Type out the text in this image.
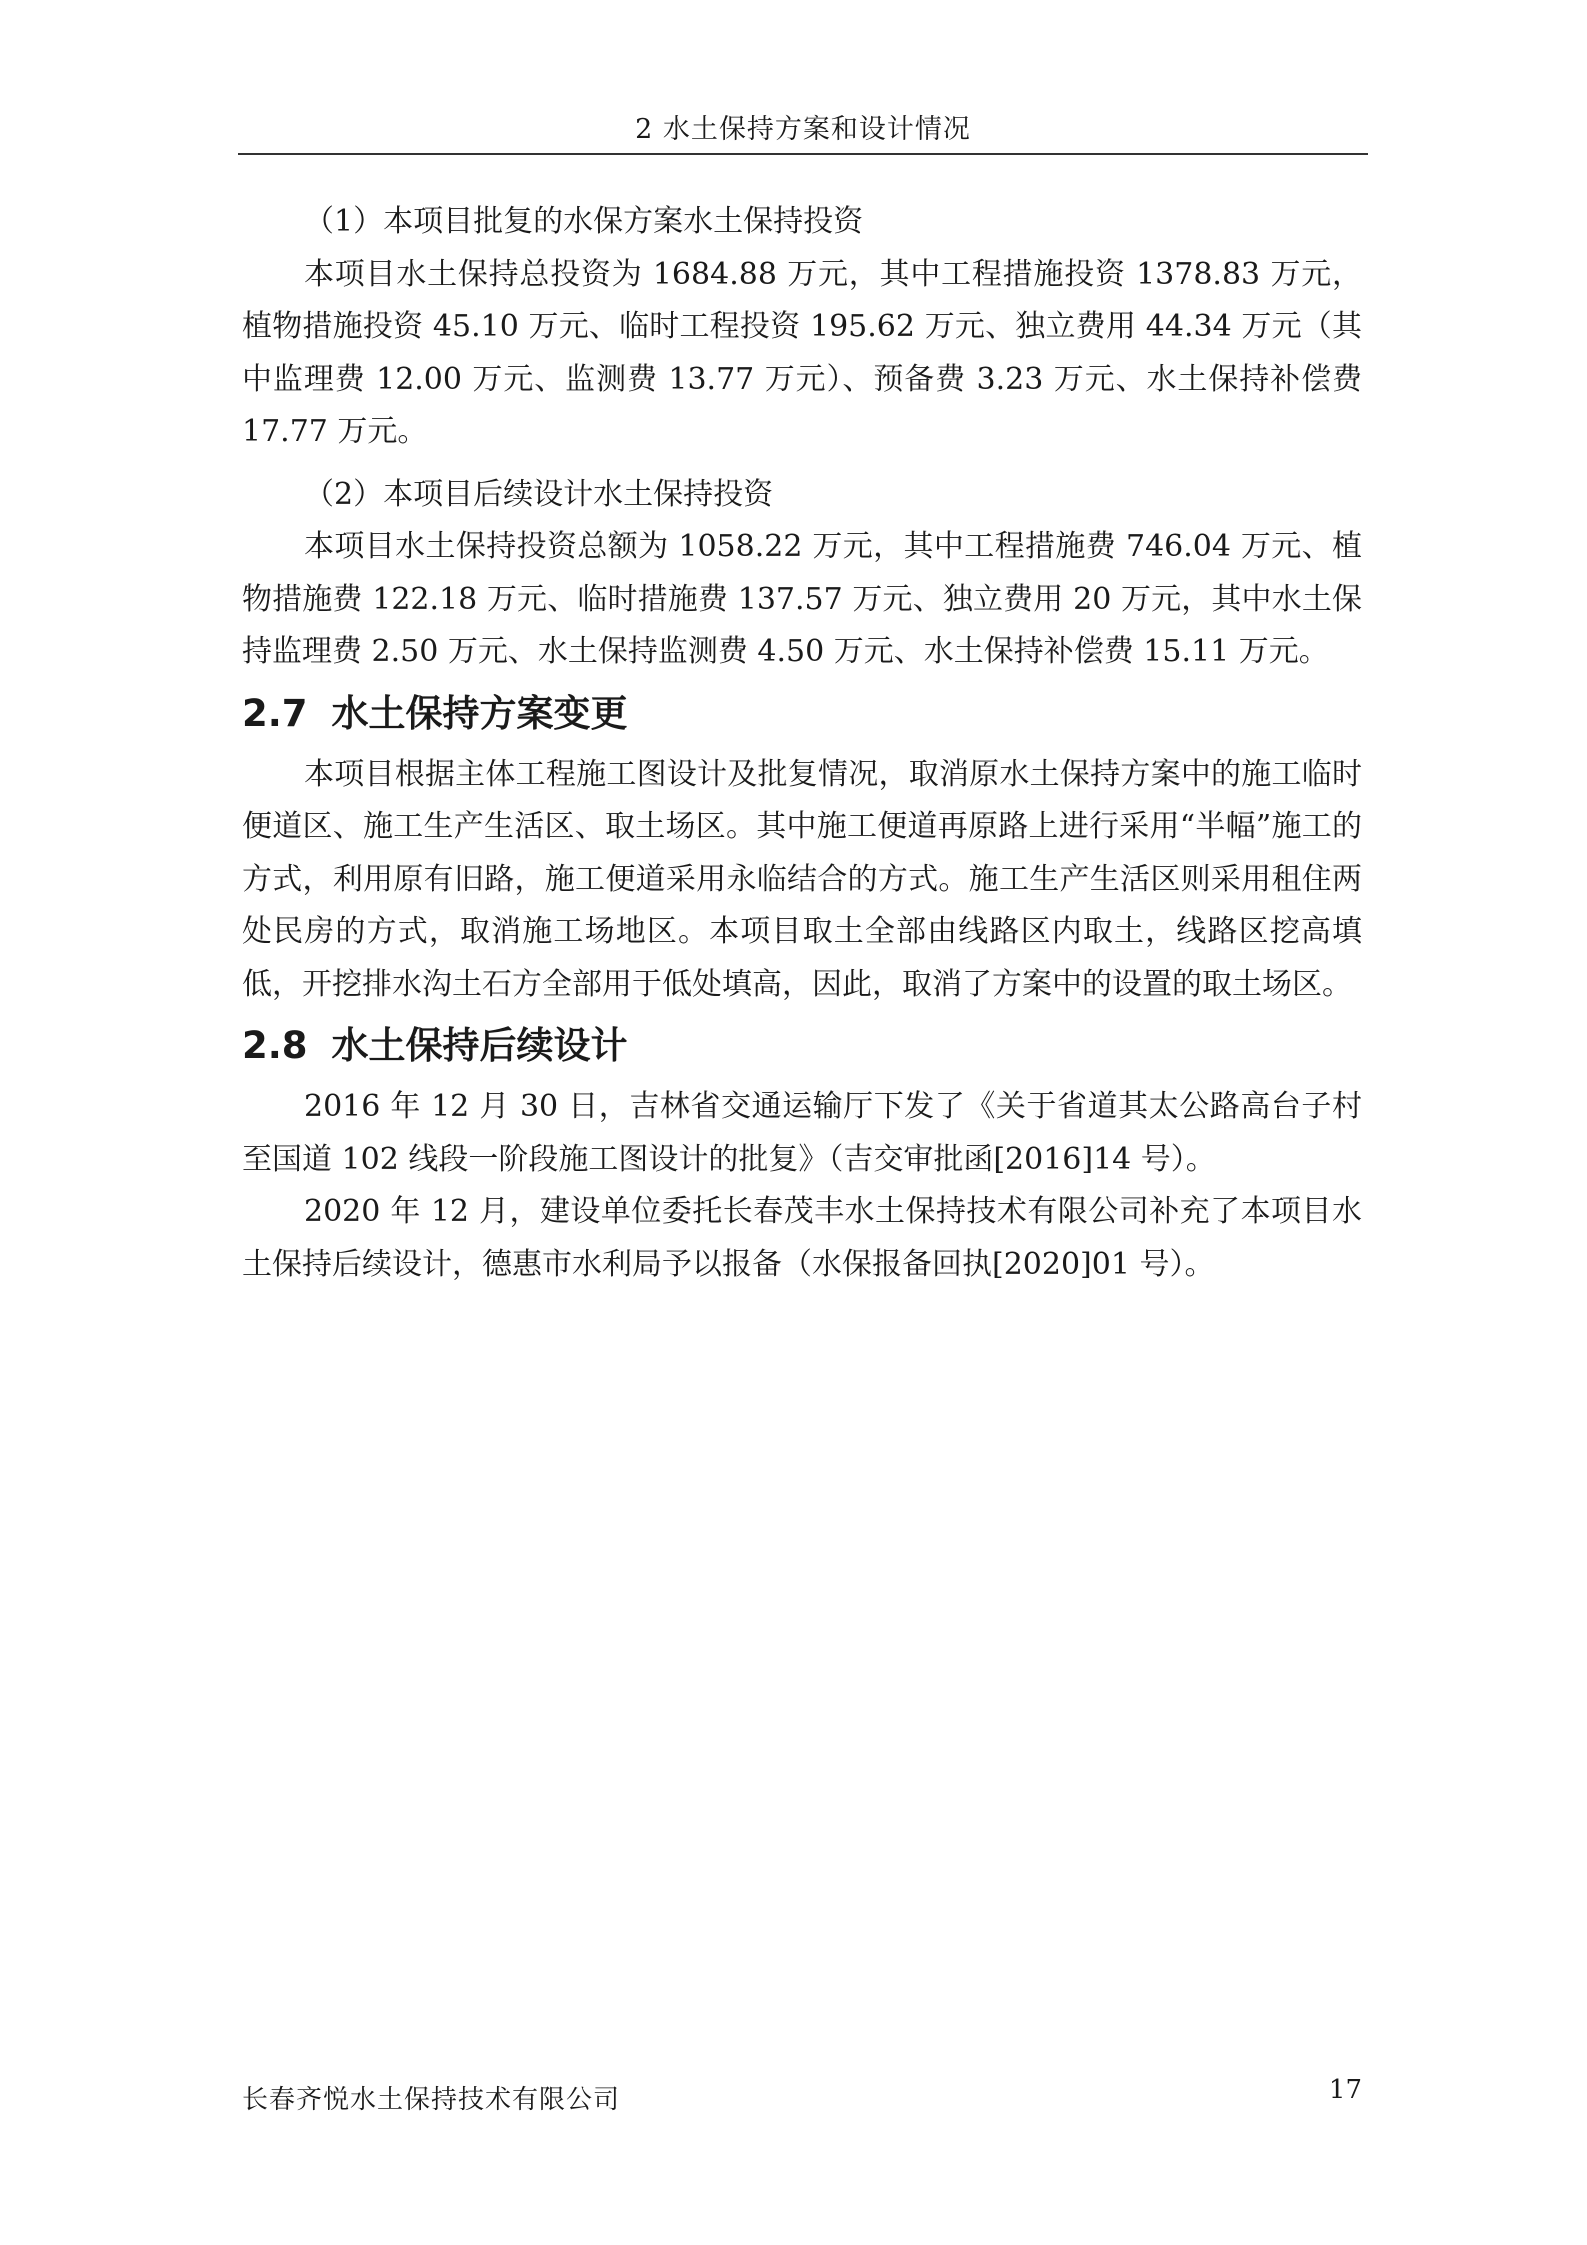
2 水土保持方案和设计情况

（1）本项目批复的水保方案水土保持投资

本项目水土保持总投资为 1684.88 万元，其中工程措施投资 1378.83 万元，植物措施投资 45.10 万元、临时工程投资 195.62 万元、独立费用 44.34 万元（其中监理费 12.00 万元、监测费 13.77 万元）、预备费 3.23 万元、水土保持补偿费 17.77 万元。

（2）本项目后续设计水土保持投资

本项目水土保持投资总额为 1058.22 万元，其中工程措施费 746.04 万元、植物措施费 122.18 万元、临时措施费 137.57 万元、独立费用 20 万元，其中水土保持监理费 2.50 万元、水土保持监测费 4.50 万元、水土保持补偿费 15.11 万元。

2.7 水土保持方案变更

本项目根据主体工程施工图设计及批复情况，取消原水土保持方案中的施工临时便道区、施工生产生活区、取土场区。其中施工便道再原路上进行采用“半幅”施工的方式，利用原有旧路，施工便道采用永临结合的方式。施工生产生活区则采用租住两处民房的方式，取消施工场地区。本项目取土全部由线路区内取土，线路区挖高填低，开挖排水沟土石方全部用于低处填高，因此，取消了方案中的设置的取土场区。

2.8 水土保持后续设计

2016 年 12 月 30 日，吉林省交通运输厅下发了《关于省道其太公路高台子村至国道 102 线段一阶段施工图设计的批复》（吉交审批函[2016]14 号）。

2020 年 12 月，建设单位委托长春茂丰水土保持技术有限公司补充了本项目水土保持后续设计，德惠市水利局予以报备（水保报备回执[2020]01 号）。

长春齐悦水土保持技术有限公司	17
